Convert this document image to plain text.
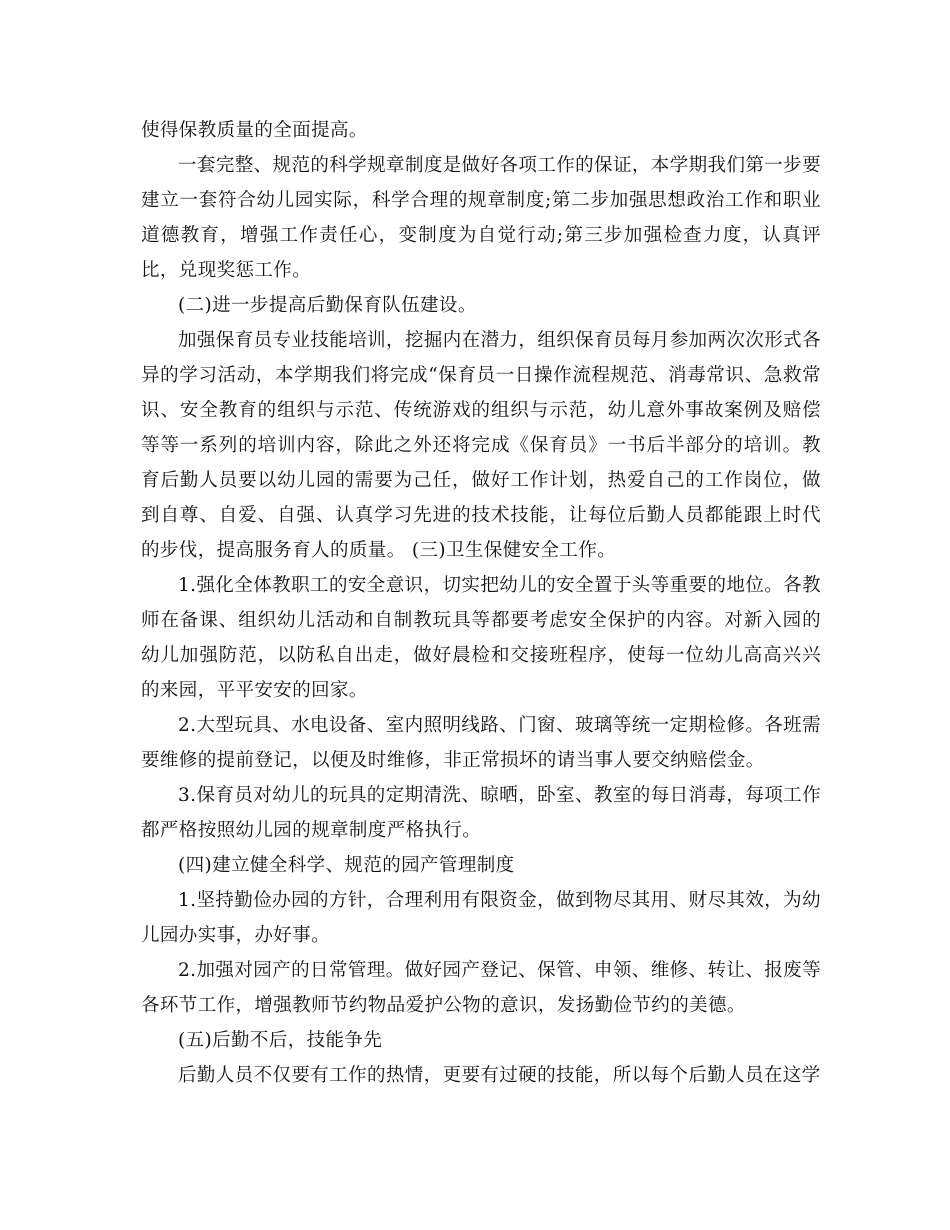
使得保教质量的全面提高。

一套完整、规范的科学规章制度是做好各项工作的保证，本学期我们第一步要建立一套符合幼儿园实际，科学合理的规章制度;第二步加强思想政治工作和职业道德教育，增强工作责任心，变制度为自觉行动;第三步加强检查力度，认真评比，兑现奖惩工作。

(二)进一步提高后勤保育队伍建设。

加强保育员专业技能培训，挖掘内在潜力，组织保育员每月参加两次次形式各异的学习活动，本学期我们将完成“保育员一日操作流程规范、消毒常识、急救常识、安全教育的组织与示范、传统游戏的组织与示范，幼儿意外事故案例及赔偿等等一系列的培训内容，除此之外还将完成《保育员》一书后半部分的培训。教育后勤人员要以幼儿园的需要为己任，做好工作计划，热爱自己的工作岗位，做到自尊、自爱、自强、认真学习先进的技术技能，让每位后勤人员都能跟上时代的步伐，提高服务育人的质量。 (三)卫生保健安全工作。

1.强化全体教职工的安全意识，切实把幼儿的安全置于头等重要的地位。各教师在备课、组织幼儿活动和自制教玩具等都要考虑安全保护的内容。对新入园的幼儿加强防范，以防私自出走，做好晨检和交接班程序，使每一位幼儿高高兴兴的来园，平平安安的回家。

2.大型玩具、水电设备、室内照明线路、门窗、玻璃等统一定期检修。各班需要维修的提前登记，以便及时维修，非正常损坏的请当事人要交纳赔偿金。

3.保育员对幼儿的玩具的定期清洗、晾晒，卧室、教室的每日消毒，每项工作都严格按照幼儿园的规章制度严格执行。

(四)建立健全科学、规范的园产管理制度

1.坚持勤俭办园的方针，合理利用有限资金，做到物尽其用、财尽其效，为幼儿园办实事，办好事。

2.加强对园产的日常管理。做好园产登记、保管、申领、维修、转让、报废等各环节工作，增强教师节约物品爱护公物的意识，发扬勤俭节约的美德。

(五)后勤不后，技能争先

后勤人员不仅要有工作的热情，更要有过硬的技能，所以每个后勤人员在这学
